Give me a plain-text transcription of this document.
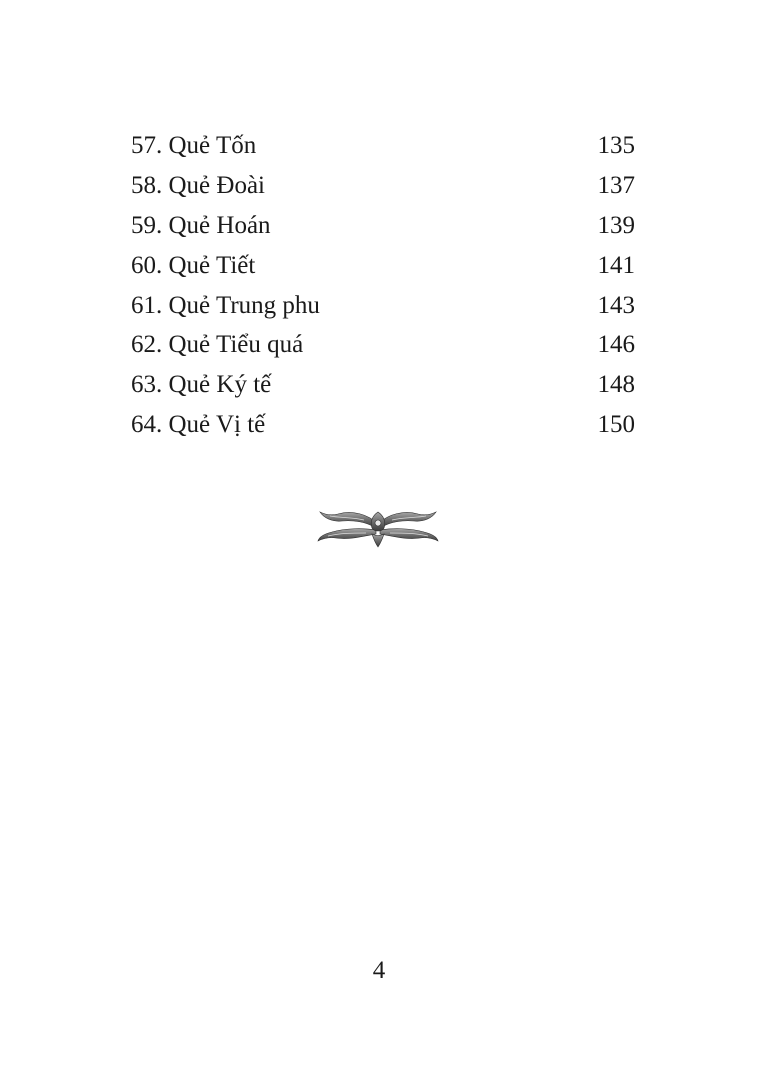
57. Quẻ Tốn	135
58. Quẻ Đoài	137
59. Quẻ Hoán	139
60. Quẻ Tiết	141
61. Quẻ Trung phu	143
62. Quẻ Tiểu quá	146
63. Quẻ Ký tế	148
64. Quẻ Vị tế	150
4
